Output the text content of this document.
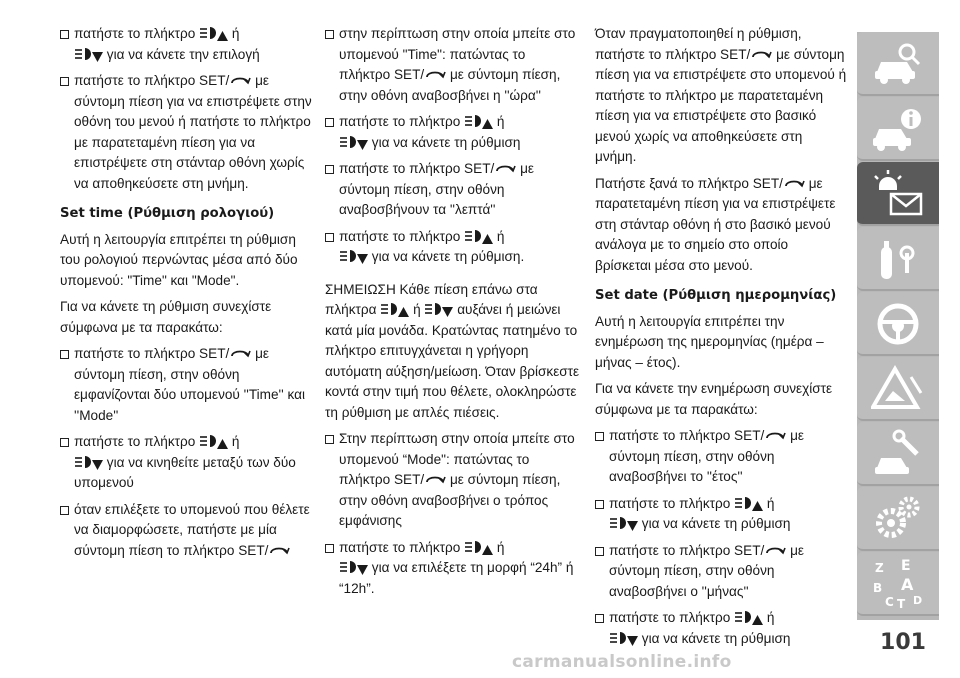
πατήστε το πλήκτρο	ή
για να κάνετε την επιλογή
πατήστε το πλήκτρο SET/ με σύντομη πίεση για να επιστρέψετε στην οθόνη του μενού ή πατήστε το πλήκτρο με παρατεταμένη πίεση για να επιστρέψετε στη στάνταρ οθόνη χωρίς να αποθηκεύσετε στη μνήμη.
Set time (Ρύθμιση ρολογιού)
Αυτή η λειτουργία επιτρέπει τη ρύθμιση του ρολογιού περνώντας μέσα από δύο υπομενού: "Time" και "Mode".
Για να κάνετε τη ρύθμιση συνεχίστε σύμφωνα με τα παρακάτω:
πατήστε το πλήκτρο SET/ με σύντομη πίεση, στην οθόνη εμφανίζονται δύο υπομενού ''Time'' και ''Mode''
πατήστε το πλήκτρο	ή
για να κινηθείτε μεταξύ των δύο υπομενού
όταν επιλέξετε το υπομενού που θέλετε να διαμορφώσετε, πατήστε με μία σύντομη πίεση το πλήκτρο SET/
στην περίπτωση στην οποία μπείτε στο υπομενού "Time": πατώντας το πλήκτρο SET/ με σύντομη πίεση, στην οθόνη αναβοσβήνει η ''ώρα''
πατήστε το πλήκτρο	ή
για να κάνετε τη ρύθμιση
πατήστε το πλήκτρο SET/ με σύντομη πίεση, στην οθόνη αναβοσβήνουν τα ''λεπτά''
πατήστε το πλήκτρο	ή
για να κάνετε τη ρύθμιση.
ΣΗΜΕΙΩΣΗ Κάθε πίεση επάνω στα πλήκτρα	ή	αυξάνει ή μειώνει κατά μία μονάδα. Κρατώντας πατημένο το πλήκτρο επιτυγχάνεται η γρήγορη αυτόματη αύξηση/μείωση. Όταν βρίσκεστε κοντά στην τιμή που θέλετε, ολοκληρώστε τη ρύθμιση με απλές πιέσεις.
Στην περίπτωση στην οποία μπείτε στο υπομενού “Mode": πατώντας το πλήκτρο SET/ με σύντομη πίεση, στην οθόνη αναβοσβήνει ο τρόπος εμφάνισης
πατήστε το πλήκτρο	ή
για να επιλέξετε τη μορφή “24h” ή “12h”.
Όταν πραγματοποιηθεί η ρύθμιση, πατήστε το πλήκτρο SET/ με σύντομη πίεση για να επιστρέψετε στο υπομενού ή πατήστε το πλήκτρο με παρατεταμένη πίεση για να επιστρέψετε στο βασικό μενού χωρίς να αποθηκεύσετε στη μνήμη.
Πατήστε ξανά το πλήκτρο SET/ με παρατεταμένη πίεση για να επιστρέψετε στη στάνταρ οθόνη ή στο βασικό μενού ανάλογα με το σημείο στο οποίο βρίσκεται μέσα στο μενού.
Set date (Ρύθμιση ημερομηνίας)
Αυτή η λειτουργία επιτρέπει την ενημέρωση της ημερομηνίας (ημέρα – μήνας – έτος).
Για να κάνετε την ενημέρωση συνεχίστε σύμφωνα με τα παρακάτω:
πατήστε το πλήκτρο SET/ με σύντομη πίεση, στην οθόνη αναβοσβήνει το ''έτος''
πατήστε το πλήκτρο	ή
για να κάνετε τη ρύθμιση
πατήστε το πλήκτρο SET/ με σύντομη πίεση, στην οθόνη αναβοσβήνει ο ''μήνας''
πατήστε το πλήκτρο	ή
για να κάνετε τη ρύθμιση
Z E
B
C
A
D
T
101
carmanualsonline.info
